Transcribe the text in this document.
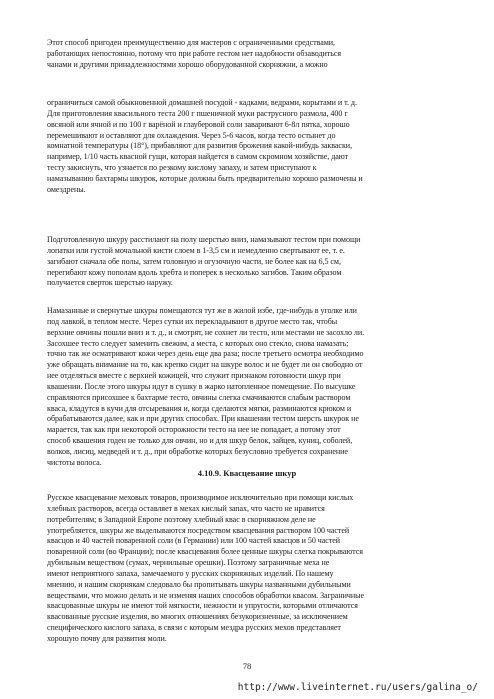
Этот способ пригоден преимущественно для мастеров с ограниченными средствами,
работающих непостоянно, потому что при работе гестом нет надобности обзаводиться
чанами и другими принадлежностями хорошо оборудованной скорняжни, а можно

ограничиться самой обыкновенной домашней посудой - кадками, ведрами, корытами и т. д.
Для приготовления квасильного теста 200 г пшеничной муки раструсного размола, 400 г
овсяной или ячной и по 100 г варёной и глауберовой соли заваривают 6-8л пятка, хорошо
перемешивают и оставляют для охлаждения. Через 5-6 часов, когда тесто остынет до
комнатной температуры (18°), прибавляют для развития брожения какой-нибудь закваски,
например, 1/10 часть квасной гущи, которая найдется в самом скромном хозяйстве, дают
тесту закиснуть, что узнается по резкому кислому запаху, и затем приступают к
намазыванию бахтармы шкурок, которые должны быть предварительно хорошо размочены и
омездрены.

Подготовленную шкуру расстилают на полу шерстью вниз, намазывают тестом при помощи
лопатки или густой мочальной кисти слоем в 1-3,5 см и немедленно свертывают ее, т. е.
загибают сначала обе полы, затем головную и огузочную части, не более как на 6,5 см,
перегибают кожу пополам вдоль хребта и поперек в несколько загибов. Таким образом
получается сверток шерстью наружу.

Намазанные и свернутые шкуры помещаются тут же в жилой избе, где-нибудь в уголке или
под лавкой, в теплом месте. Через сутки их перекладывают в другое место так, чтобы
верхние овчины пошли вниз и т. д., и смотрят, не сохнет ли тесто, или местами не засохло ли.
Засохшее тесто следует заменить свежим, а места, с которых оно стекло, снова намазать;
точно так же осматривают кожи через день еще два раза; после третьего осмотра необходимо
уже обращать внимание на то, как крепко сидит на шкуре волос и не будет ли он свободно от
нее отделяться вместе с верхней кожицей, что служит признаком готовности шкур при
квашении. После этого шкуры идут в сушку в жарко натопленное помещение. По высушке
справляются присохшее к бахтарме тесто, овчины слегка смачиваются слабым раствором
кваса, кладутся в кучи для отсыревания и, когда сделаются мягки, разминаются крюком и
обрабатываются далее, как и при других способах. При квашении тестом шерсть шкурок не
марается, так как при некоторой осторожности тесто на нее не попадает, а потому этот
способ квашения годен не только для овчин, но и для шкур белок, зайцев, куниц, соболей,
волков, лисиц, медведей и т. д., при обработке которых безусловно требуется сохранение
чистоты волоса.

4.10.9. Квасцевание шкур

Русское квасцевание меховых товаров, производимое исключительно при помощи кислых
хлебных растворов, всегда оставляет в мехах кислый запах, что часто не нравится
потребителям; в Западной Европе поэтому хлебный квас в скорняжном деле не
употребляется, шкуры же выделываются посредством квасцевания раствором 100 частей
квасцов и 40 частей поваренной соли (в Германии) или 100 частей квасцов и 50 частей
поваренной соли (во Франции); после квасцевания более ценные шкуры слегка покрываются
дубильным веществом (сумах, чернильные орешки). Поэтому заграничные меха не
имеют неприятного запаха, замечаемого у русских скорняжных изделий. По нашему
мнению, и нашим скорнякам следовало бы пропитывать шкуры названными дубильными
веществами, что можно делать и не изменяя наших способов обработки квасом. Заграничные
квасцованные шкуры не имеют той мягкости, нежности и упругости, которыми отличаются
квасованные русские изделия, во многих отношениях безукоризненные, за исключением
специфического кислого запаха, в связи с которым мездра русских мехов представляет
хорошую почву для развития моли.

78
http://www.liveinternet.ru/users/galina_o/
